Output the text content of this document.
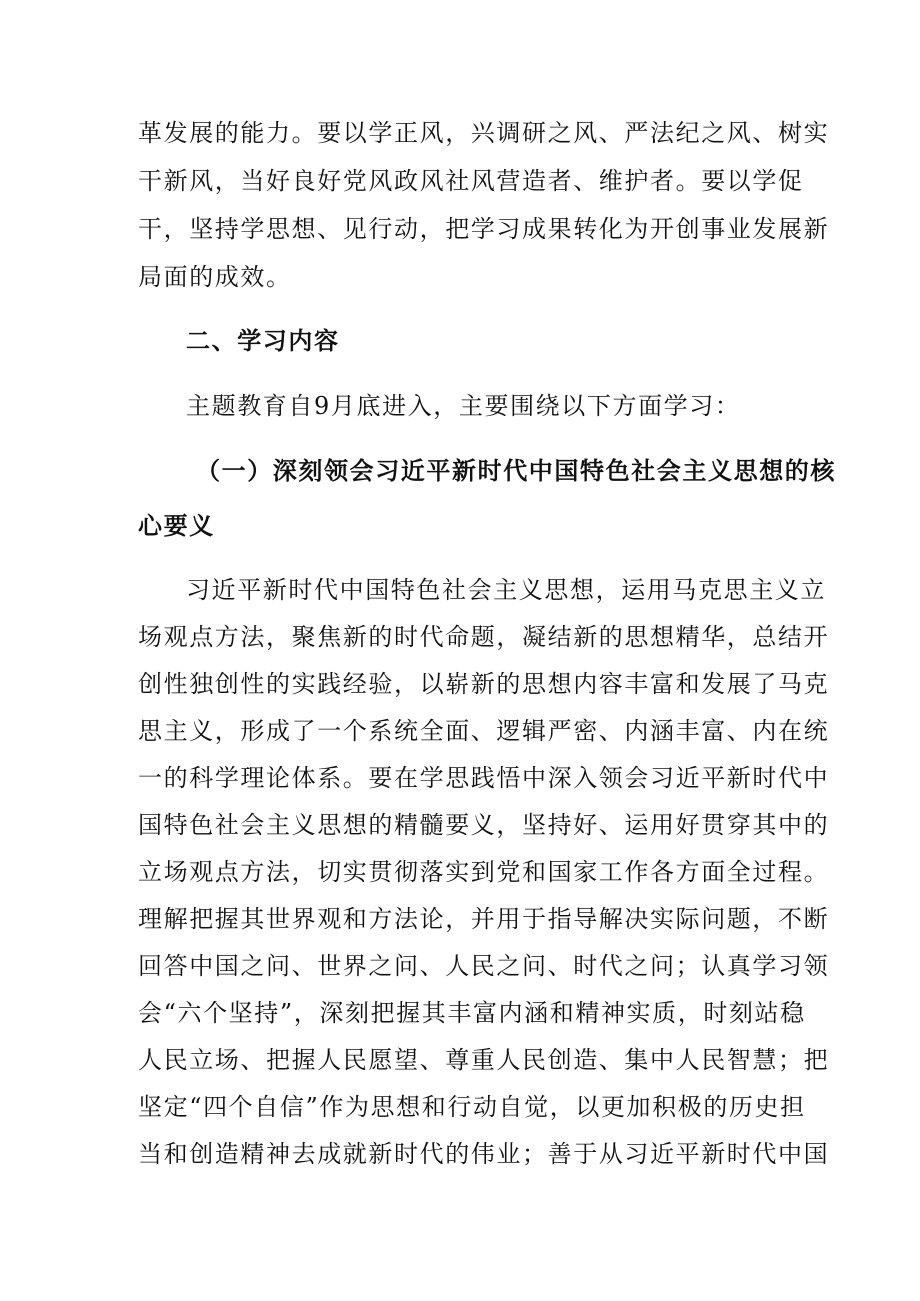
革发展的能力。要以学正风，兴调研之风、严法纪之风、树实
干新风，当好良好党风政风社风营造者、维护者。要以学促
干，坚持学思想、见行动，把学习成果转化为开创事业发展新
局面的成效。
二、学习内容
主题教育自9月底进入，主要围绕以下方面学习：
（一）深刻领会习近平新时代中国特色社会主义思想的核
心要义
习近平新时代中国特色社会主义思想，运用马克思主义立
场观点方法，聚焦新的时代命题，凝结新的思想精华，总结开
创性独创性的实践经验，以崭新的思想内容丰富和发展了马克
思主义，形成了一个系统全面、逻辑严密、内涵丰富、内在统
一的科学理论体系。要在学思践悟中深入领会习近平新时代中
国特色社会主义思想的精髓要义，坚持好、运用好贯穿其中的
立场观点方法，切实贯彻落实到党和国家工作各方面全过程。
理解把握其世界观和方法论，并用于指导解决实际问题，不断
回答中国之问、世界之问、人民之问、时代之问；认真学习领
会“六个坚持”，深刻把握其丰富内涵和精神实质，时刻站稳
人民立场、把握人民愿望、尊重人民创造、集中人民智慧；把
坚定“四个自信”作为思想和行动自觉，以更加积极的历史担
当和创造精神去成就新时代的伟业；善于从习近平新时代中国
